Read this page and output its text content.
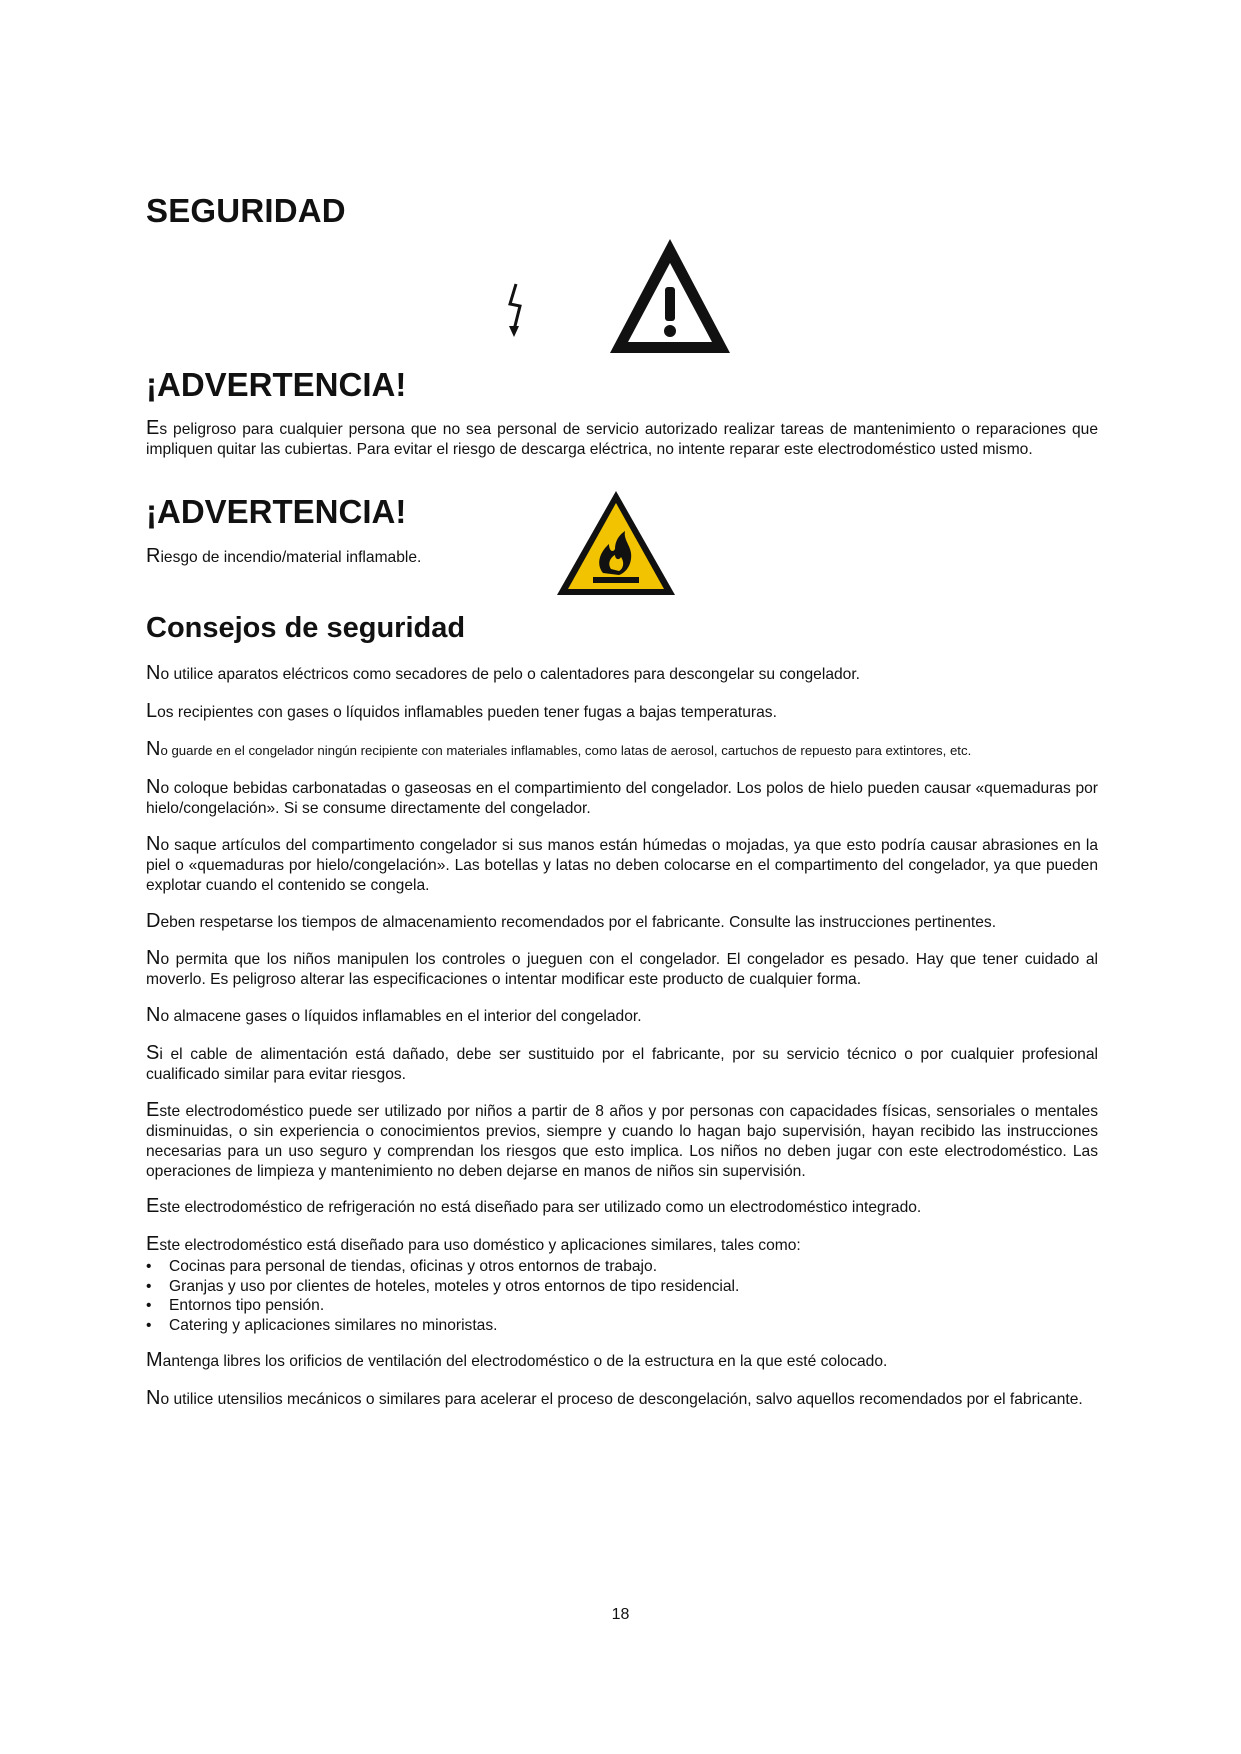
SEGURIDAD
¡ADVERTENCIA!

Es peligroso para cualquier persona que no sea personal de servicio autorizado realizar tareas de mantenimiento o reparaciones que impliquen quitar las cubiertas. Para evitar el riesgo de descarga eléctrica, no intente reparar este electrodoméstico usted mismo.

¡ADVERTENCIA!

Riesgo de incendio/material inflamable.

Consejos de seguridad

No utilice aparatos eléctricos como secadores de pelo o calentadores para descongelar su congelador.

Los recipientes con gases o líquidos inflamables pueden tener fugas a bajas temperaturas.

No guarde en el congelador ningún recipiente con materiales inflamables, como latas de aerosol, cartuchos de repuesto para extintores, etc.

No coloque bebidas carbonatadas o gaseosas en el compartimiento del congelador. Los polos de hielo pueden causar «quemaduras por hielo/congelación». Si se consume directamente del congelador.

No saque artículos del compartimento congelador si sus manos están húmedas o mojadas, ya que esto podría causar abrasiones en la piel o «quemaduras por hielo/congelación». Las botellas y latas no deben colocarse en el compartimento del congelador, ya que pueden explotar cuando el contenido se congela.

Deben respetarse los tiempos de almacenamiento recomendados por el fabricante. Consulte las instrucciones pertinentes.

No permita que los niños manipulen los controles o jueguen con el congelador. El congelador es pesado. Hay que tener cuidado al moverlo. Es peligroso alterar las especificaciones o intentar modificar este producto de cualquier forma.

No almacene gases o líquidos inflamables en el interior del congelador.

Si el cable de alimentación está dañado, debe ser sustituido por el fabricante, por su servicio técnico o por cualquier profesional cualificado similar para evitar riesgos.

Este electrodoméstico puede ser utilizado por niños a partir de 8 años y por personas con capacidades físicas, sensoriales o mentales disminuidas, o sin experiencia o conocimientos previos, siempre y cuando lo hagan bajo supervisión, hayan recibido las instrucciones necesarias para un uso seguro y comprendan los riesgos que esto implica. Los niños no deben jugar con este electrodoméstico. Las operaciones de limpieza y mantenimiento no deben dejarse en manos de niños sin supervisión.

Este electrodoméstico de refrigeración no está diseñado para ser utilizado como un electrodoméstico integrado.

Este electrodoméstico está diseñado para uso doméstico y aplicaciones similares, tales como:

• Cocinas para personal de tiendas, oficinas y otros entornos de trabajo.
• Granjas y uso por clientes de hoteles, moteles y otros entornos de tipo residencial.
• Entornos tipo pensión.
• Catering y aplicaciones similares no minoristas.

Mantenga libres los orificios de ventilación del electrodoméstico o de la estructura en la que esté colocado.

No utilice utensilios mecánicos o similares para acelerar el proceso de descongelación, salvo aquellos recomendados por el fabricante.

18
